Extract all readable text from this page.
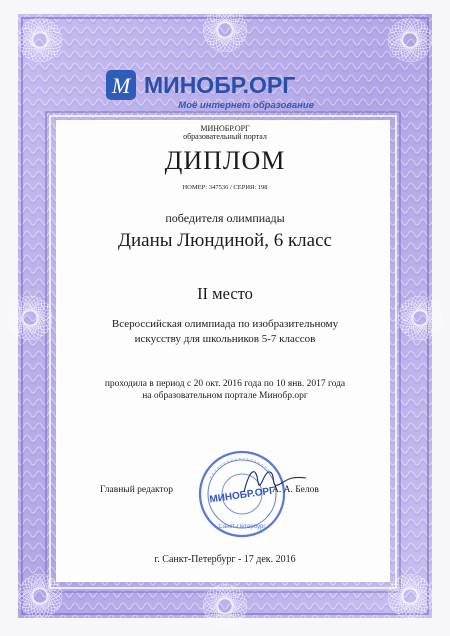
М МИНОБР.ОРГ
Моё интернет образование
МИНОБР.ОРГ
образовательный портал
ДИПЛОМ
НОМЕР: 347536 / СЕРИЯ: 198
победителя олимпиады
Дианы Люндиной, 6 класс
II место
Всероссийская олимпиада по изобразительному
искусству для школьников 5-7 классов
проходила в период с 20 окт. 2016 года по 10 янв. 2017 года
на образовательном портале Минобр.орг
МИНОБР.ОРГ
Санкт-Петербург
Главный редактор	А. А. Белов
г. Санкт-Петербург - 17 дек. 2016
